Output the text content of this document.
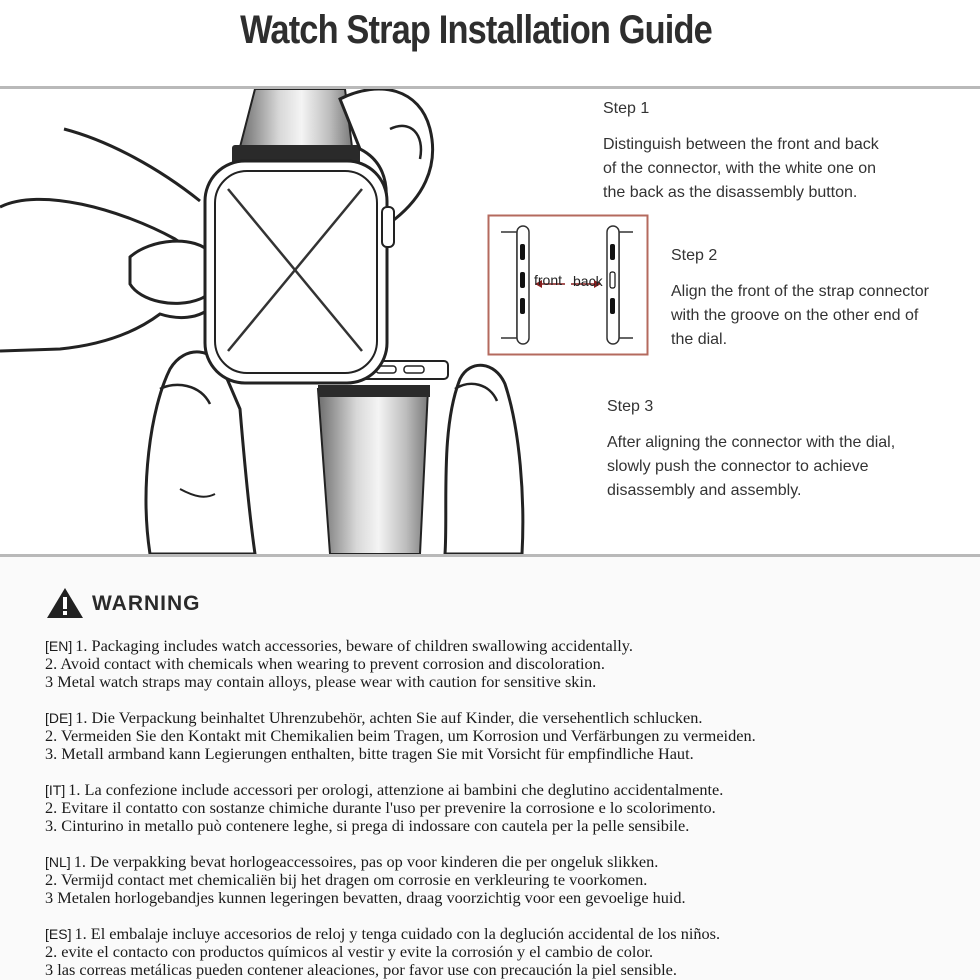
Watch Strap Installation Guide
front back
Step 1
Distinguish between the front and back
of the connector, with the white one on
the back as the disassembly button.
Step 2
Align the front of the strap connector
with the groove on the other end of
the dial.
Step 3
After aligning the connector with the dial,
slowly push the connector to achieve
disassembly and assembly.
WARNING
[EN] 1. Packaging includes watch accessories, beware of children swallowing accidentally.
2. Avoid contact with chemicals when wearing to prevent corrosion and discoloration.
3 Metal watch straps may contain alloys, please wear with caution for sensitive skin.
[DE] 1. Die Verpackung beinhaltet Uhrenzubehör, achten Sie auf Kinder, die versehentlich schlucken.
2. Vermeiden Sie den Kontakt mit Chemikalien beim Tragen, um Korrosion und Verfärbungen zu vermeiden.
3. Metall armband kann Legierungen enthalten, bitte tragen Sie mit Vorsicht für empfindliche Haut.
[IT] 1. La confezione include accessori per orologi, attenzione ai bambini che deglutino accidentalmente.
2. Evitare il contatto con sostanze chimiche durante l'uso per prevenire la corrosione e lo scolorimento.
3. Cinturino in metallo può contenere leghe, si prega di indossare con cautela per la pelle sensibile.
[NL] 1. De verpakking bevat horlogeaccessoires, pas op voor kinderen die per ongeluk slikken.
2. Vermijd contact met chemicaliën bij het dragen om corrosie en verkleuring te voorkomen.
3 Metalen horlogebandjes kunnen legeringen bevatten, draag voorzichtig voor een gevoelige huid.
[ES] 1. El embalaje incluye accesorios de reloj y tenga cuidado con la deglución accidental de los niños.
2. evite el contacto con productos químicos al vestir y evite la corrosión y el cambio de color.
3 las correas metálicas pueden contener aleaciones, por favor use con precaución la piel sensible.
